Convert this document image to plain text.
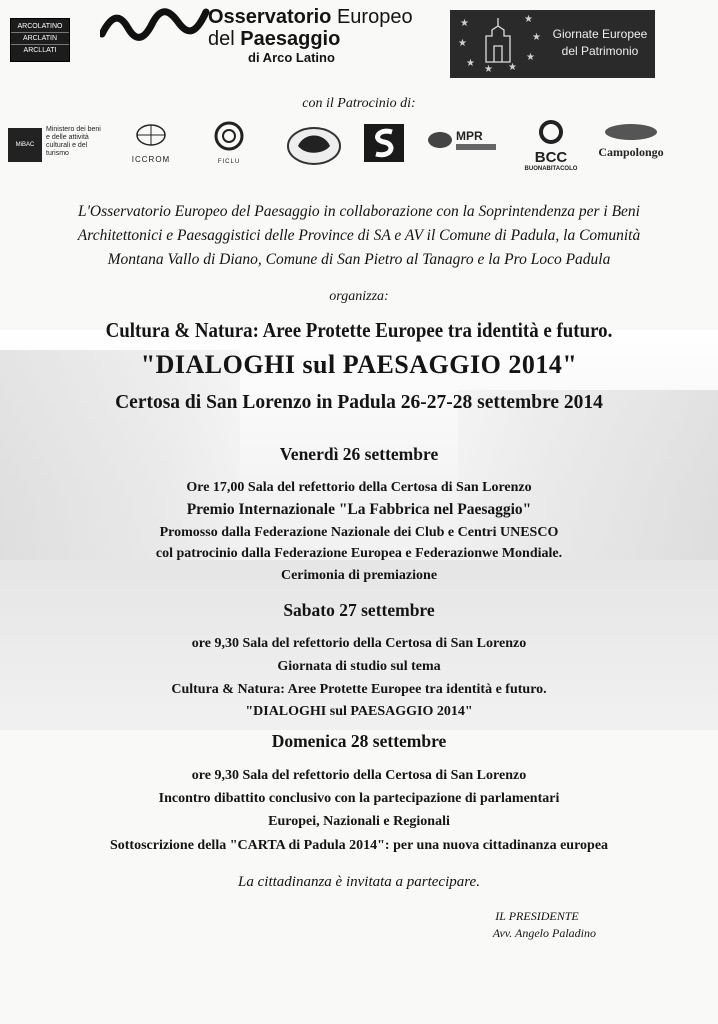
ARCOLATINO
ARCLATIN
ARCLLATI
Osservatorio Europeo
del Paesaggio
di Arco Latino
★
★
★
★ ★
★
★
★
Giornate Europee
del Patrimonio
con il Patrocinio di:
MiBAC
Ministero dei beni e delle attività culturali e del turismo
ICCROM	FICLU
MPR
BCC
BUONABITACOLO
Campolongo
L'Osservatorio Europeo del Paesaggio in collaborazione con la Soprintendenza per i Beni
Architettonici e Paesaggistici delle Province di SA e AV il Comune di Padula, la Comunità
Montana Vallo di Diano, Comune di San Pietro al Tanagro e la Pro Loco Padula
organizza:
Cultura & Natura: Aree Protette Europee tra identità e futuro.
"DIALOGHI sul PAESAGGIO 2014"
Certosa di San Lorenzo in Padula 26-27-28 settembre 2014
Venerdì 26 settembre
Ore 17,00 Sala del refettorio della Certosa di San Lorenzo
Premio Internazionale "La Fabbrica nel Paesaggio"
Promosso dalla Federazione Nazionale dei Club e Centri UNESCO
col patrocinio dalla Federazione Europea e Federazionwe Mondiale.
Cerimonia di premiazione
Sabato 27 settembre
ore 9,30 Sala del refettorio della Certosa di San Lorenzo
Giornata di studio sul tema
Cultura & Natura: Aree Protette Europee tra identità e futuro.
"DIALOGHI sul PAESAGGIO 2014"
Domenica 28 settembre
ore 9,30 Sala del refettorio della Certosa di San Lorenzo
Incontro dibattito conclusivo con la partecipazione di parlamentari
Europei, Nazionali e Regionali
Sottoscrizione della "CARTA di Padula 2014": per una nuova cittadinanza europea
La cittadinanza è invitata a partecipare.
IL PRESIDENTE
Avv. Angelo Paladino
